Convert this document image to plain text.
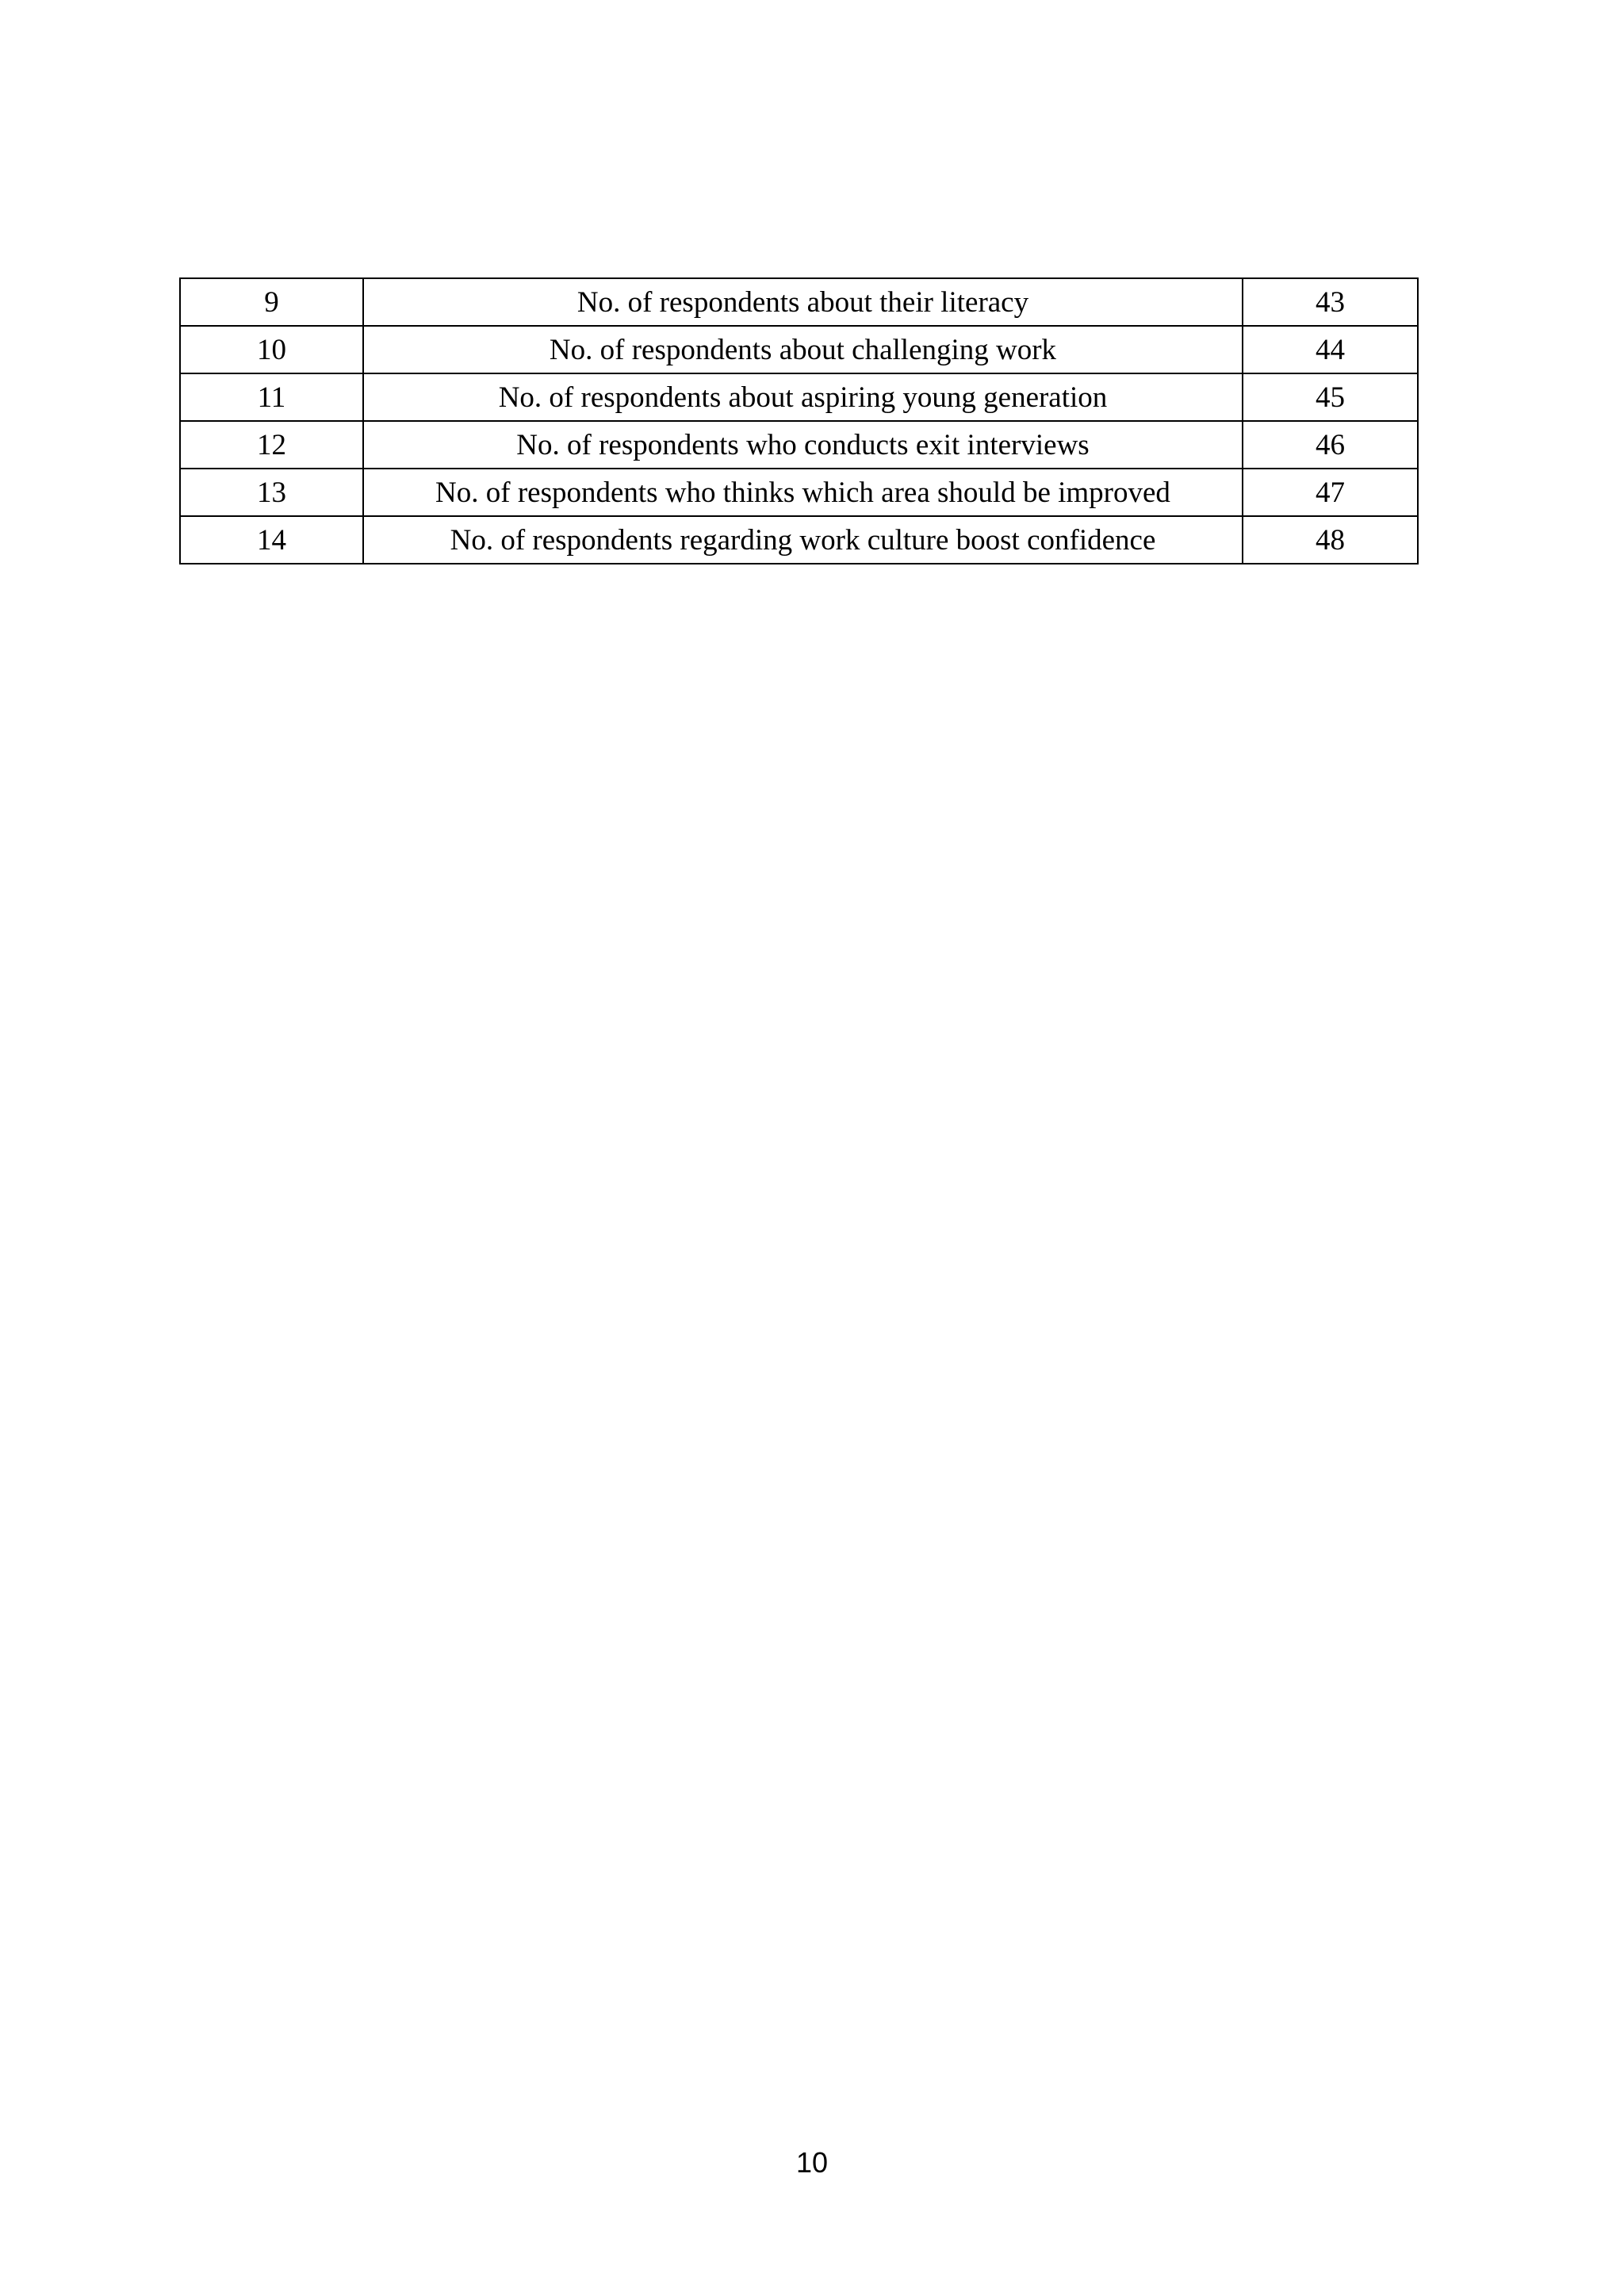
9	No. of respondents about their literacy	43
10	No. of respondents about challenging work	44
11	No. of respondents about aspiring young generation	45
12	No. of respondents who conducts exit interviews	46
13	No. of respondents who thinks which area should be improved	47
14	No. of respondents regarding work culture boost confidence	48
10
